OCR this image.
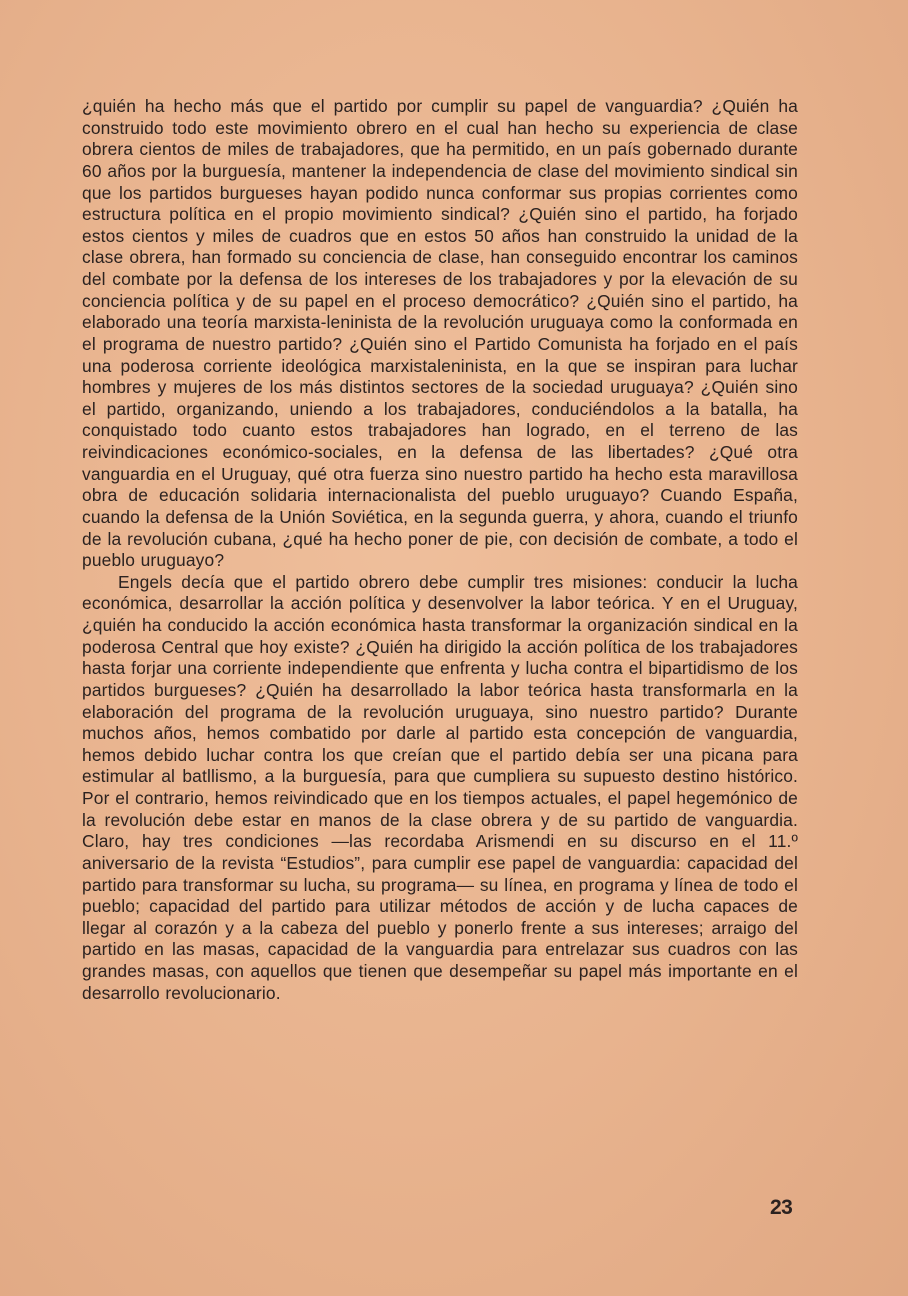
¿quién ha hecho más que el partido por cumplir su papel de vanguardia? ¿Quién ha construido todo este movimiento obrero en el cual han hecho su experiencia de clase obrera cientos de miles de trabajadores, que ha permitido, en un país gobernado durante 60 años por la burguesía, mantener la independencia de clase del movimiento sindical sin que los partidos burgueses hayan podido nunca conformar sus propias corrientes como estructura política en el propio movimiento sindical? ¿Quién sino el partido, ha forjado estos cientos y miles de cuadros que en estos 50 años han construido la unidad de la clase obrera, han formado su conciencia de clase, han conseguido encontrar los caminos del combate por la defensa de los intereses de los trabajadores y por la elevación de su conciencia política y de su papel en el proceso democrático? ¿Quién sino el partido, ha elaborado una teoría marxista-leninista de la revolución uruguaya como la conformada en el programa de nuestro partido? ¿Quién sino el Partido Comunista ha forjado en el país una poderosa corriente ideológica marxistaleninista, en la que se inspiran para luchar hombres y mujeres de los más distintos sectores de la sociedad uruguaya? ¿Quién sino el partido, organizando, uniendo a los trabajadores, conduciéndolos a la batalla, ha conquistado todo cuanto estos trabajadores han logrado, en el terreno de las reivindicaciones económico-sociales, en la defensa de las libertades? ¿Qué otra vanguardia en el Uruguay, qué otra fuerza sino nuestro partido ha hecho esta maravillosa obra de educación solidaria internacionalista del pueblo uruguayo? Cuando España, cuando la defensa de la Unión Soviética, en la segunda guerra, y ahora, cuando el triunfo de la revolución cubana, ¿qué ha hecho poner de pie, con decisión de combate, a todo el pueblo uruguayo?

Engels decía que el partido obrero debe cumplir tres misiones: conducir la lucha económica, desarrollar la acción política y desenvolver la labor teórica. Y en el Uruguay, ¿quién ha conducido la acción económica hasta transformar la organización sindical en la poderosa Central que hoy existe? ¿Quién ha dirigido la acción política de los trabajadores hasta forjar una corriente independiente que enfrenta y lucha contra el bipartidismo de los partidos burgueses? ¿Quién ha desarrollado la labor teórica hasta transformarla en la elaboración del programa de la revolución uruguaya, sino nuestro partido? Durante muchos años, hemos combatido por darle al partido esta concepción de vanguardia, hemos debido luchar contra los que creían que el partido debía ser una picana para estimular al batllismo, a la burguesía, para que cumpliera su supuesto destino histórico. Por el contrario, hemos reivindicado que en los tiempos actuales, el papel hegemónico de la revolución debe estar en manos de la clase obrera y de su partido de vanguardia. Claro, hay tres condiciones —las recordaba Arismendi en su discurso en el 11.º aniversario de la revista “Estudios”, para cumplir ese papel de vanguardia: capacidad del partido para transformar su lucha, su programa— su línea, en programa y línea de todo el pueblo; capacidad del partido para utilizar métodos de acción y de lucha capaces de llegar al corazón y a la cabeza del pueblo y ponerlo frente a sus intereses; arraigo del partido en las masas, capacidad de la vanguardia para entrelazar sus cuadros con las grandes masas, con aquellos que tienen que desempeñar su papel más importante en el desarrollo revolucionario.

23
